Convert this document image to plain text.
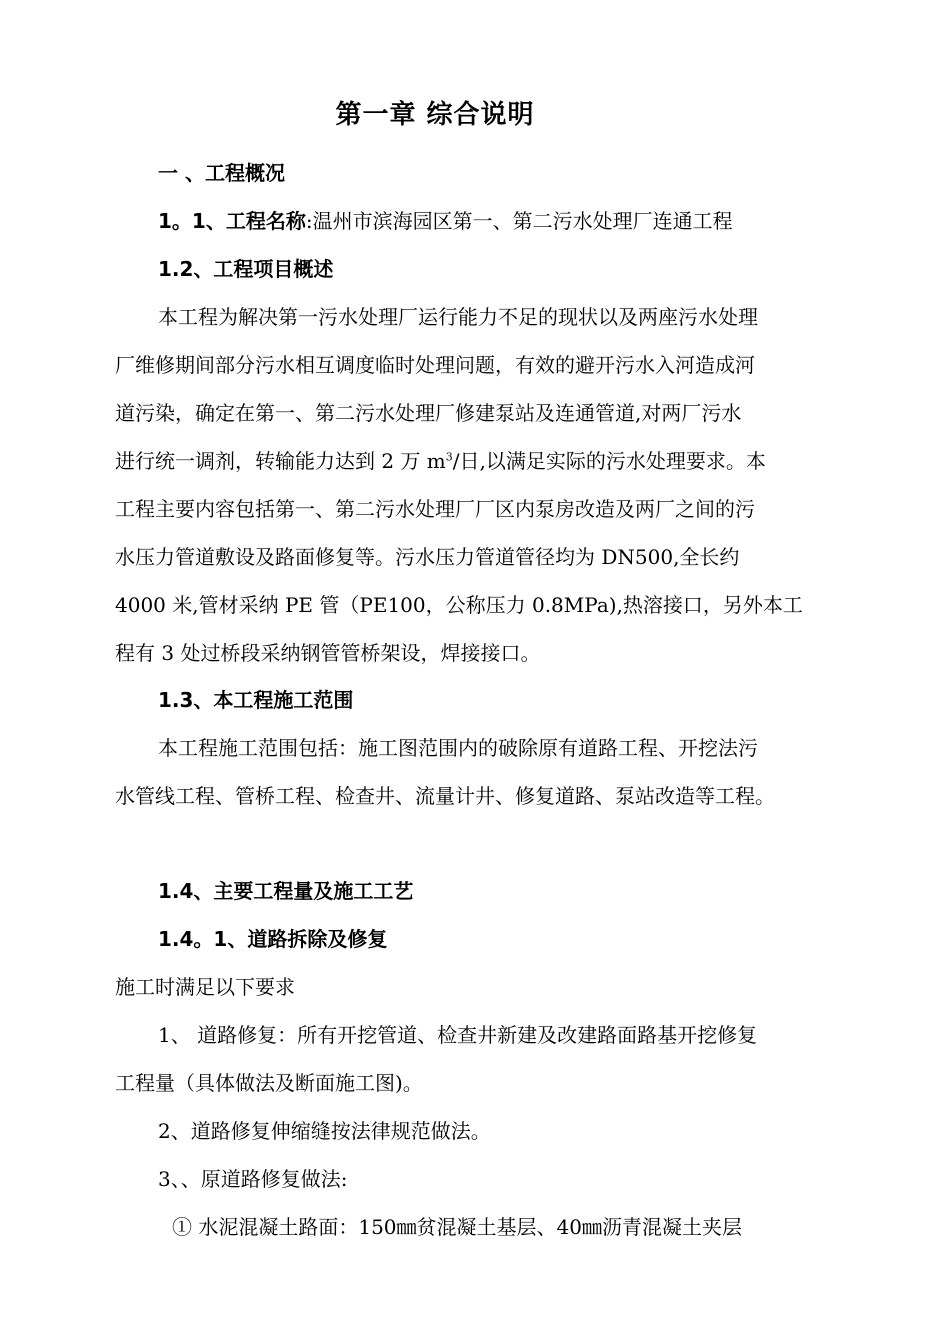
第一章 综合说明
一 、工程概况
1。1、工程名称:温州市滨海园区第一、第二污水处理厂连通工程
1.2、工程项目概述
本工程为解决第一污水处理厂运行能力不足的现状以及两座污水处理
厂维修期间部分污水相互调度临时处理问题，有效的避开污水入河造成河
道污染，确定在第一、第二污水处理厂修建泵站及连通管道,对两厂污水
进行统一调剂，转输能力达到 2 万 $m^3/$日,以满足实际的污水处理要求。本
工程主要内容包括第一、第二污水处理厂厂区内泵房改造及两厂之间的污
水压力管道敷设及路面修复等。污水压力管道管径均为 DN500,全长约
4000 米,管材采纳 PE 管（PE100，公称压力 0.8MPa),热溶接口，另外本工
程有 3 处过桥段采纳钢管管桥架设，焊接接口。
1.3、本工程施工范围
本工程施工范围包括：施工图范围内的破除原有道路工程、开挖法污
水管线工程、管桥工程、检查井、流量计井、修复道路、泵站改造等工程。
1.4、主要工程量及施工工艺
1.4。1、道路拆除及修复
施工时满足以下要求
1、 道路修复：所有开挖管道、检查井新建及改建路面路基开挖修复
工程量（具体做法及断面施工图)。
2、道路修复伸缩缝按法律规范做法。
3、、原道路修复做法:
① 水泥混凝土路面：150㎜贫混凝土基层、40㎜沥青混凝土夹层
